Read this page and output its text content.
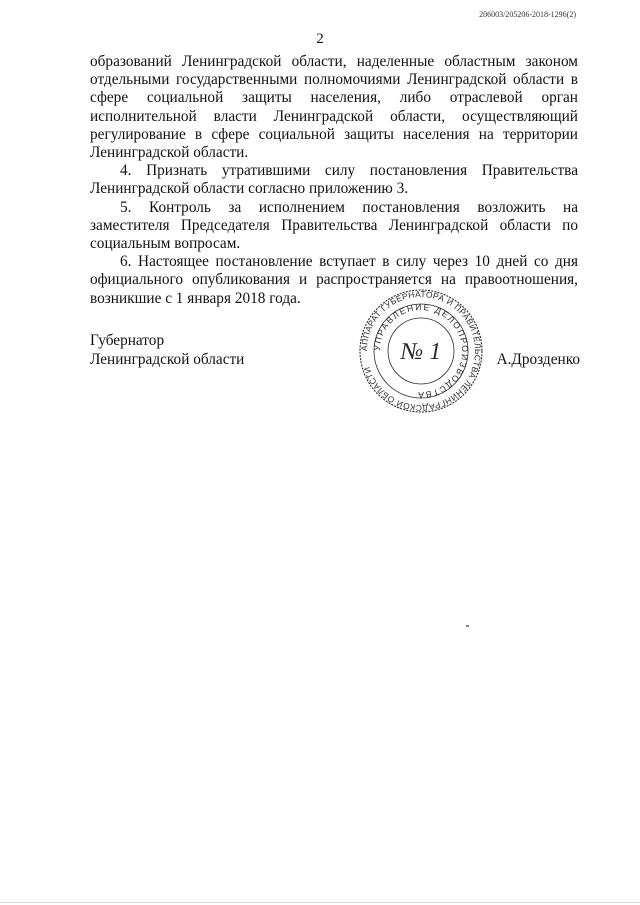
206003/205206-2018-1296(2)
2

образований Ленинградской области, наделенные областным законом отдельными государственными полномочиями Ленинградской области в сфере социальной защиты населения, либо отраслевой орган исполнительной власти Ленинградской области, осуществляющий регулирование в сфере социальной защиты населения на территории Ленинградской области.

4. Признать утратившими силу постановления Правительства Ленинградской области согласно приложению 3.

5. Контроль за исполнением постановления возложить на заместителя Председателя Правительства Ленинградской области по социальным вопросам.

6. Настоящее постановление вступает в силу через 10 дней со дня официального опубликования и распространяется на правоотношения, возникшие с 1 января 2018 года.

Губернатор
Ленинградской области	А.Дрозденко
АППАРАТ ГУБЕРНАТОРА И ПРАВИТЕЛЬСТВА ЛЕНИНГРАДСКОЙ ОБЛАСТИ
УПРАВЛЕНИЕ ДЕЛОПРОИЗВОДСТВА
№ 1
